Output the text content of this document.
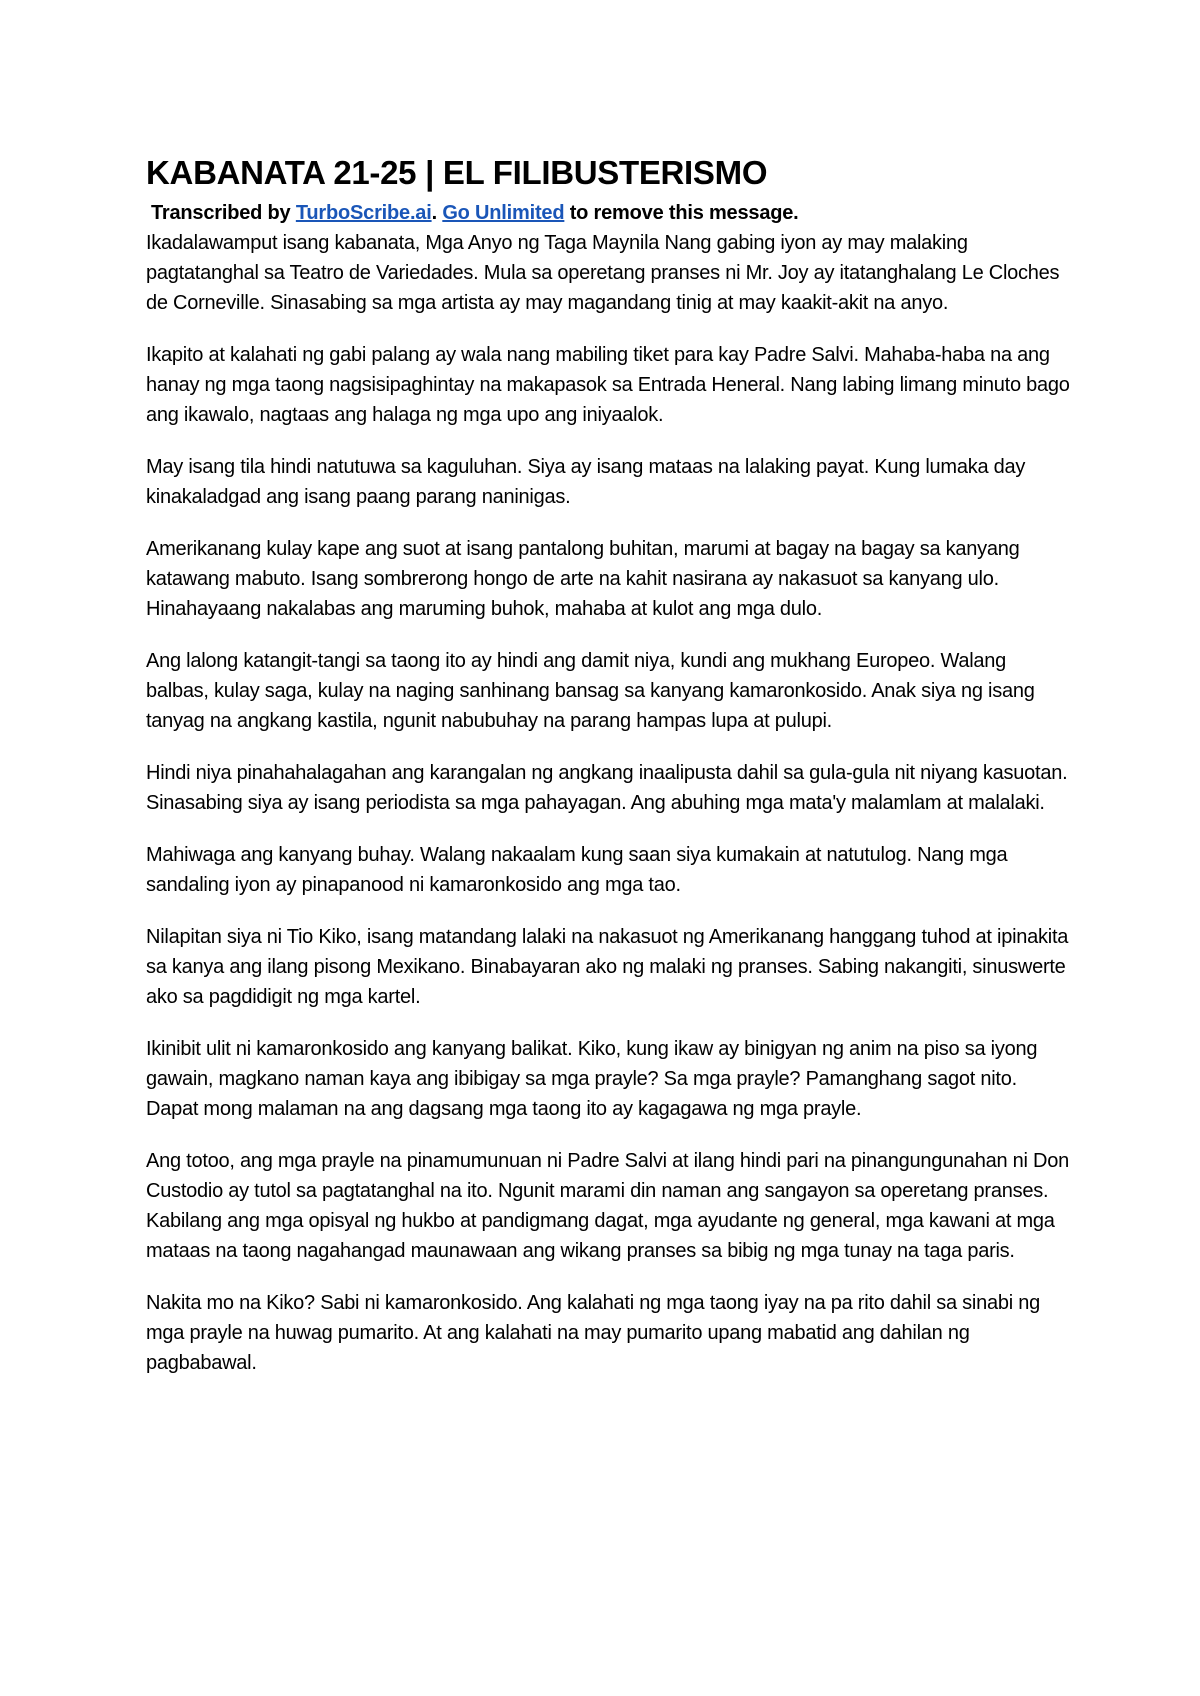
KABANATA 21-25 | EL FILIBUSTERISMO

Transcribed by TurboScribe.ai. Go Unlimited to remove this message.

Ikadalawamput isang kabanata, Mga Anyo ng Taga Maynila Nang gabing iyon ay may malaking pagtatanghal sa Teatro de Variedades. Mula sa operetang pranses ni Mr. Joy ay itatanghalang Le Cloches de Corneville. Sinasabing sa mga artista ay may magandang tinig at may kaakit-akit na anyo.

Ikapito at kalahati ng gabi palang ay wala nang mabiling tiket para kay Padre Salvi. Mahaba-haba na ang hanay ng mga taong nagsisipaghintay na makapasok sa Entrada Heneral. Nang labing limang minuto bago ang ikawalo, nagtaas ang halaga ng mga upo ang iniyaalok.

May isang tila hindi natutuwa sa kaguluhan. Siya ay isang mataas na lalaking payat. Kung lumaka day kinakaladgad ang isang paang parang naninigas.

Amerikanang kulay kape ang suot at isang pantalong buhitan, marumi at bagay na bagay sa kanyang katawang mabuto. Isang sombrerong hongo de arte na kahit nasirana ay nakasuot sa kanyang ulo. Hinahayaang nakalabas ang maruming buhok, mahaba at kulot ang mga dulo.

Ang lalong katangit-tangi sa taong ito ay hindi ang damit niya, kundi ang mukhang Europeo. Walang balbas, kulay saga, kulay na naging sanhinang bansag sa kanyang kamaronkosido. Anak siya ng isang tanyag na angkang kastila, ngunit nabubuhay na parang hampas lupa at pulupi.

Hindi niya pinahahalagahan ang karangalan ng angkang inaalipusta dahil sa gula-gula nit niyang kasuotan. Sinasabing siya ay isang periodista sa mga pahayagan. Ang abuhing mga mata'y malamlam at malalaki.

Mahiwaga ang kanyang buhay. Walang nakaalam kung saan siya kumakain at natutulog. Nang mga sandaling iyon ay pinapanood ni kamaronkosido ang mga tao.

Nilapitan siya ni Tio Kiko, isang matandang lalaki na nakasuot ng Amerikanang hanggang tuhod at ipinakita sa kanya ang ilang pisong Mexikano. Binabayaran ako ng malaki ng pranses. Sabing nakangiti, sinuswerte ako sa pagdidigit ng mga kartel.

Ikinibit ulit ni kamaronkosido ang kanyang balikat. Kiko, kung ikaw ay binigyan ng anim na piso sa iyong gawain, magkano naman kaya ang ibibigay sa mga prayle? Sa mga prayle? Pamanghang sagot nito. Dapat mong malaman na ang dagsang mga taong ito ay kagagawa ng mga prayle.

Ang totoo, ang mga prayle na pinamumunuan ni Padre Salvi at ilang hindi pari na pinangungunahan ni Don Custodio ay tutol sa pagtatanghal na ito. Ngunit marami din naman ang sangayon sa operetang pranses. Kabilang ang mga opisyal ng hukbo at pandigmang dagat, mga ayudante ng general, mga kawani at mga mataas na taong nagahangad maunawaan ang wikang pranses sa bibig ng mga tunay na taga paris.

Nakita mo na Kiko? Sabi ni kamaronkosido. Ang kalahati ng mga taong iyay na pa rito dahil sa sinabi ng mga prayle na huwag pumarito. At ang kalahati na may pumarito upang mabatid ang dahilan ng pagbabawal.
